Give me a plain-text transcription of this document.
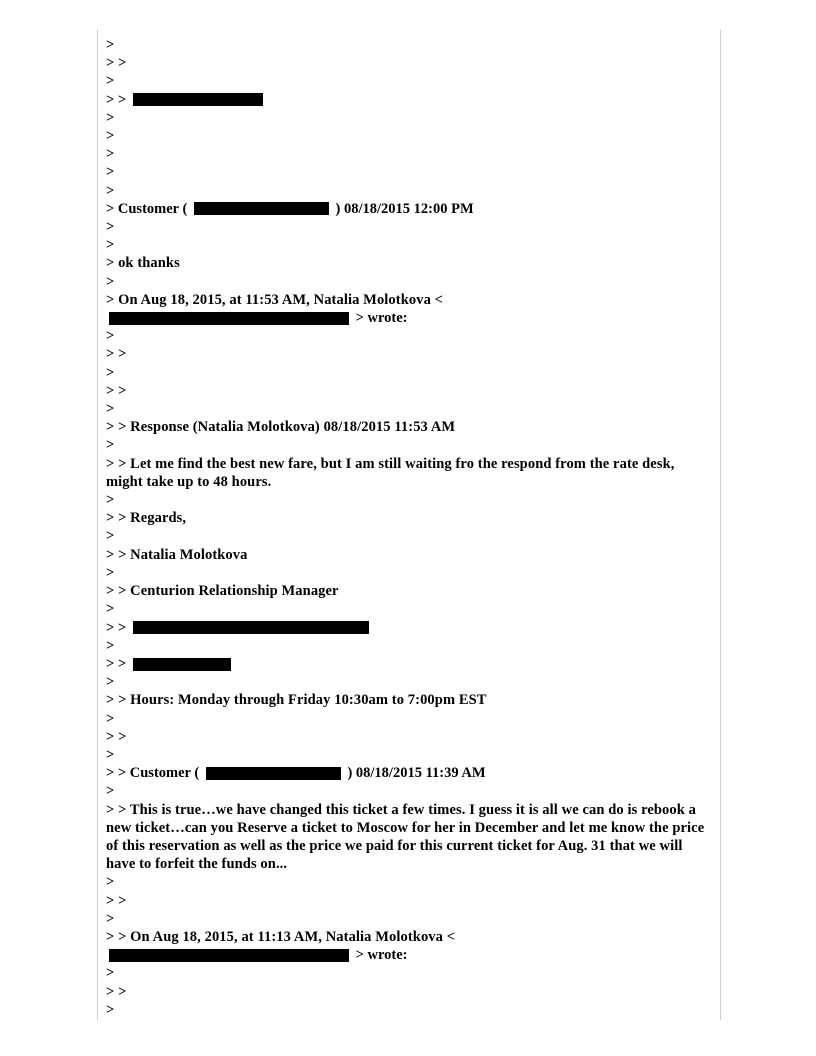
>
> >
>
> >
>
>
>
>
>
> Customer (	) 08/18/2015 12:00 PM
>
>
> ok thanks
>
> On Aug 18, 2015, at 11:53 AM, Natalia Molotkova <
> wrote:
>
> >
>
> >
>
> > Response (Natalia Molotkova) 08/18/2015 11:53 AM
>
> > Let me find the best new fare, but I am still waiting fro the respond from the rate desk, might take up to 48 hours.
>
> > Regards,
>
> > Natalia Molotkova
>
> > Centurion Relationship Manager
>
> >
>
> >
>
> > Hours: Monday through Friday 10:30am to 7:00pm EST
>
> >
>
> > Customer (	) 08/18/2015 11:39 AM
>
> > This is true…we have changed this ticket a few times. I guess it is all we can do is rebook a new ticket…can you Reserve a ticket to Moscow for her in December and let me know the price of this reservation as well as the price we paid for this current ticket for Aug. 31 that we will have to forfeit the funds on...
>
> >
>
> > On Aug 18, 2015, at 11:13 AM, Natalia Molotkova <
> wrote:
>
> >
>
